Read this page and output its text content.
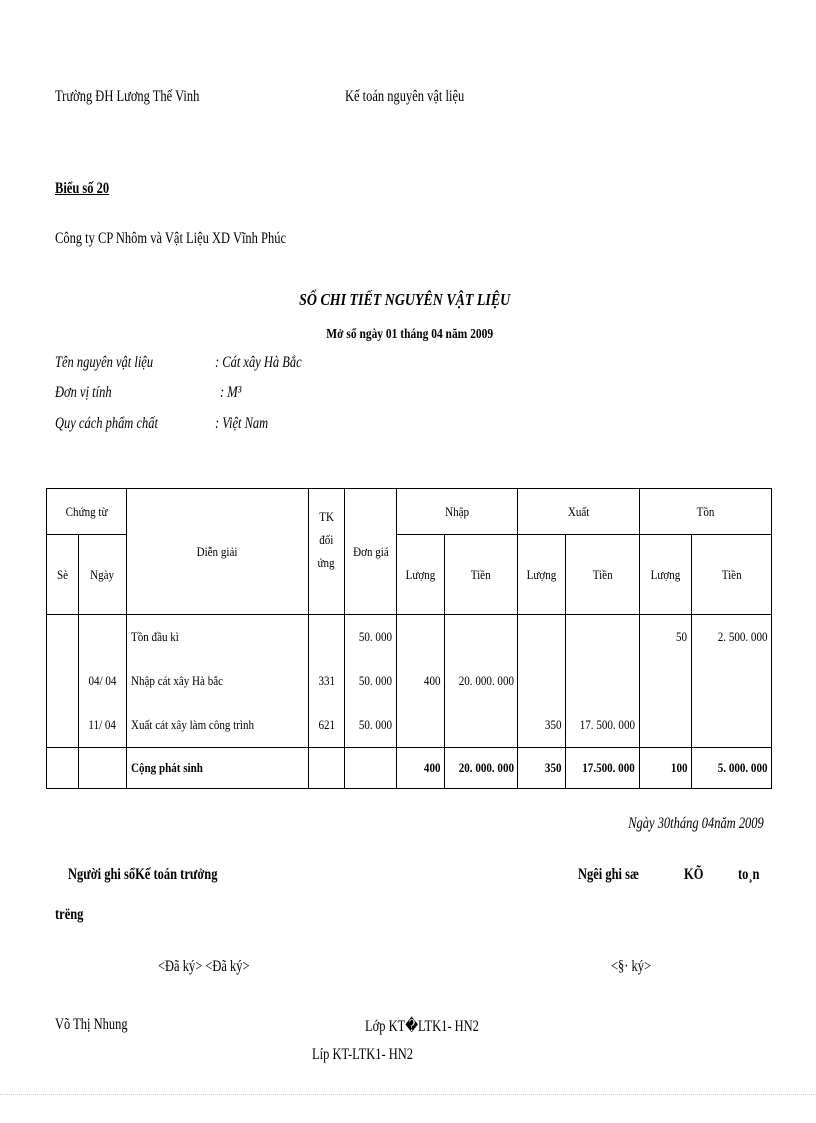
Trường ĐH Lương Thế Vinh	Kế toán nguyên vật liệu
Biểu số 20
Công ty CP Nhôm và Vật Liệu XD Vĩnh Phúc
SỔ CHI TIẾT NGUYÊN VẬT LIỆU
Mở sổ ngày 01 tháng 04 năm 2009
Tên nguyên vật liệu	: Cát xây Hà Bắc
Đơn vị tính	: M³
Quy cách phẩm chất	: Việt Nam
Chứng từ		Diễn giải	TK
đối
ứng	Đơn giá	Nhập		Xuất		Tồn	
Sè	Ngày				Lượng	Tiền	Lượng	Tiền	Lượng	Tiền
		Tồn đầu kì		50. 000					50	2. 500. 000
	04/ 04	Nhập cát xây Hà bắc	331	50. 000	400	20. 000. 000				
	11/ 04	Xuất cát xây làm công trình	621	50. 000			350	17. 500. 000		
		Cộng phát sinh			400	20. 000. 000	350	17.500. 000	100	5. 000. 000
Ngày 30tháng 04năm 2009
Người ghi sổKế toán trưởng	Ngêi ghi sæ	KÕ to¸n
trëng
<Đã ký> <Đã ký>	<§· ký>
Võ Thị Nhung	Lớp KT�LTK1- HN2
Líp KT-LTK1- HN2
